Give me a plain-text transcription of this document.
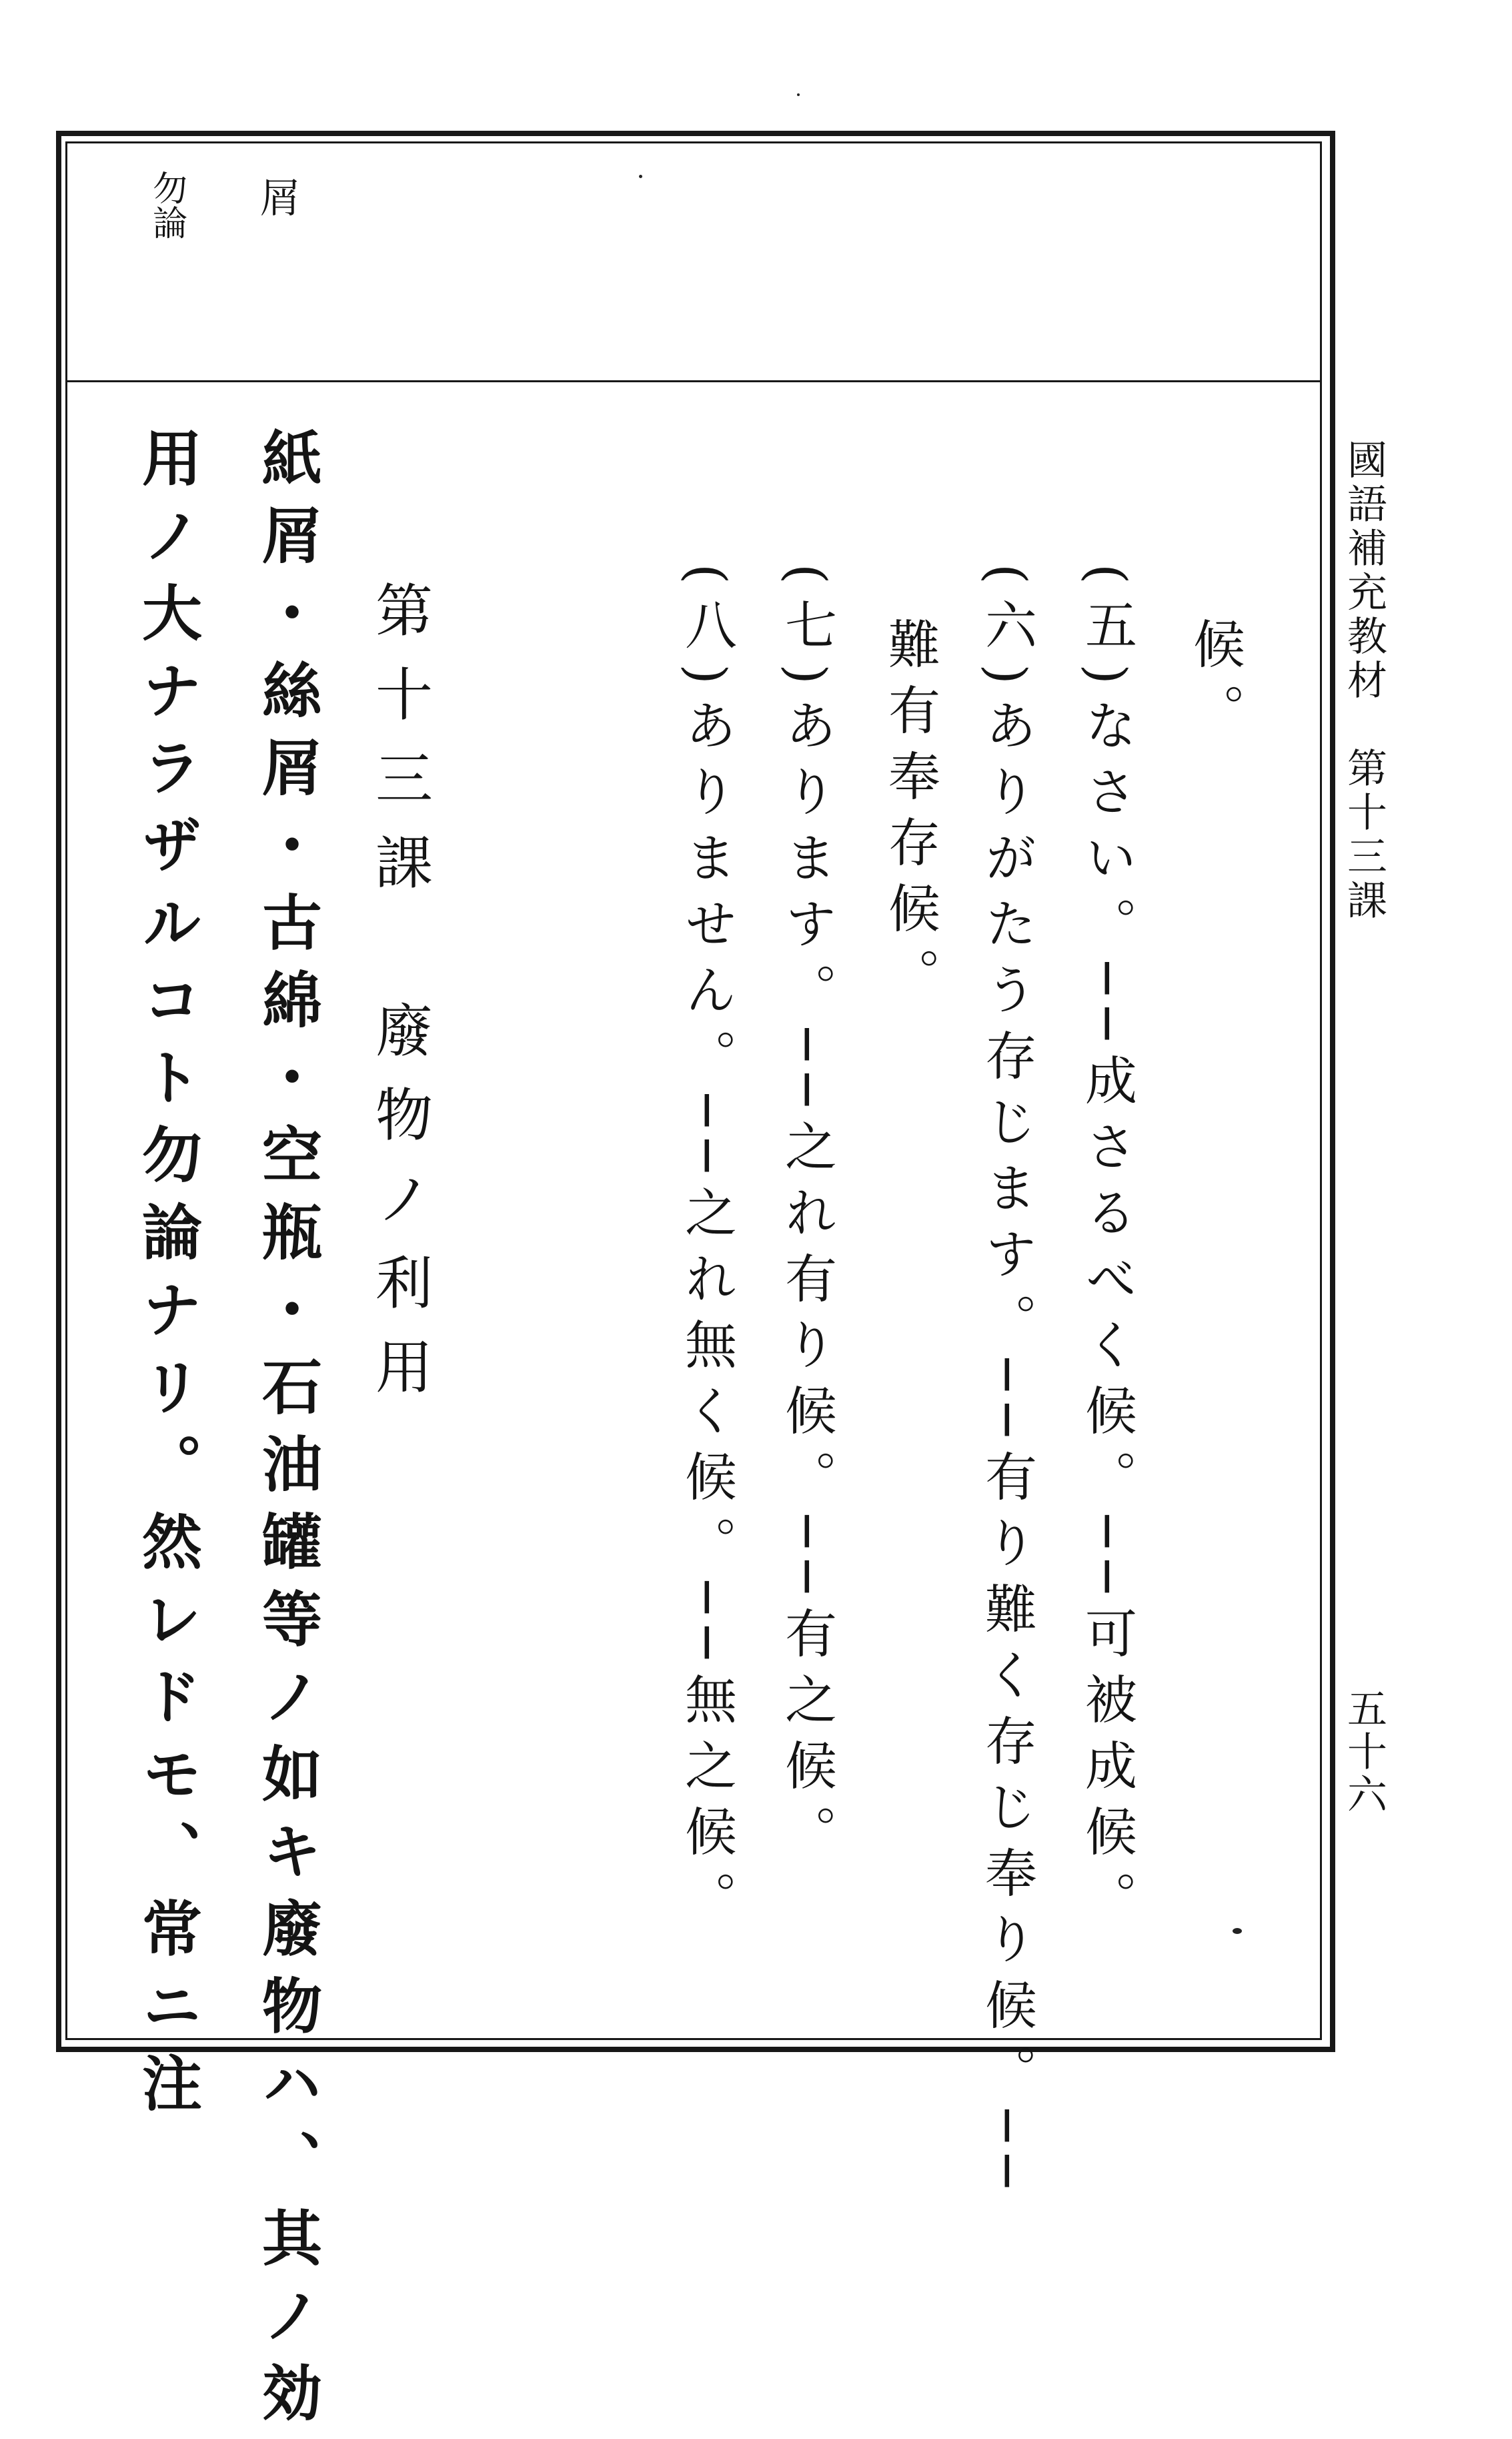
屑
勿論
國語補充教材　第十三課
五十六
候。
(五)なさい。──成さるべく候。──可被成候。
(六)ありがたう存じます。──有り難く存じ奉り候。──
難有奉存候。
(七)あります。──之れ有り候。──有之候。
(八)ありません。──之れ無く候。──無之候。
第十三課　廢物ノ利用
紙屑・絲屑・古綿・空瓶・石油罐等ノ如キ廢物ハ、其ノ効
用ノ大ナラザルコト勿論ナリ。然レドモ、常ニ注
